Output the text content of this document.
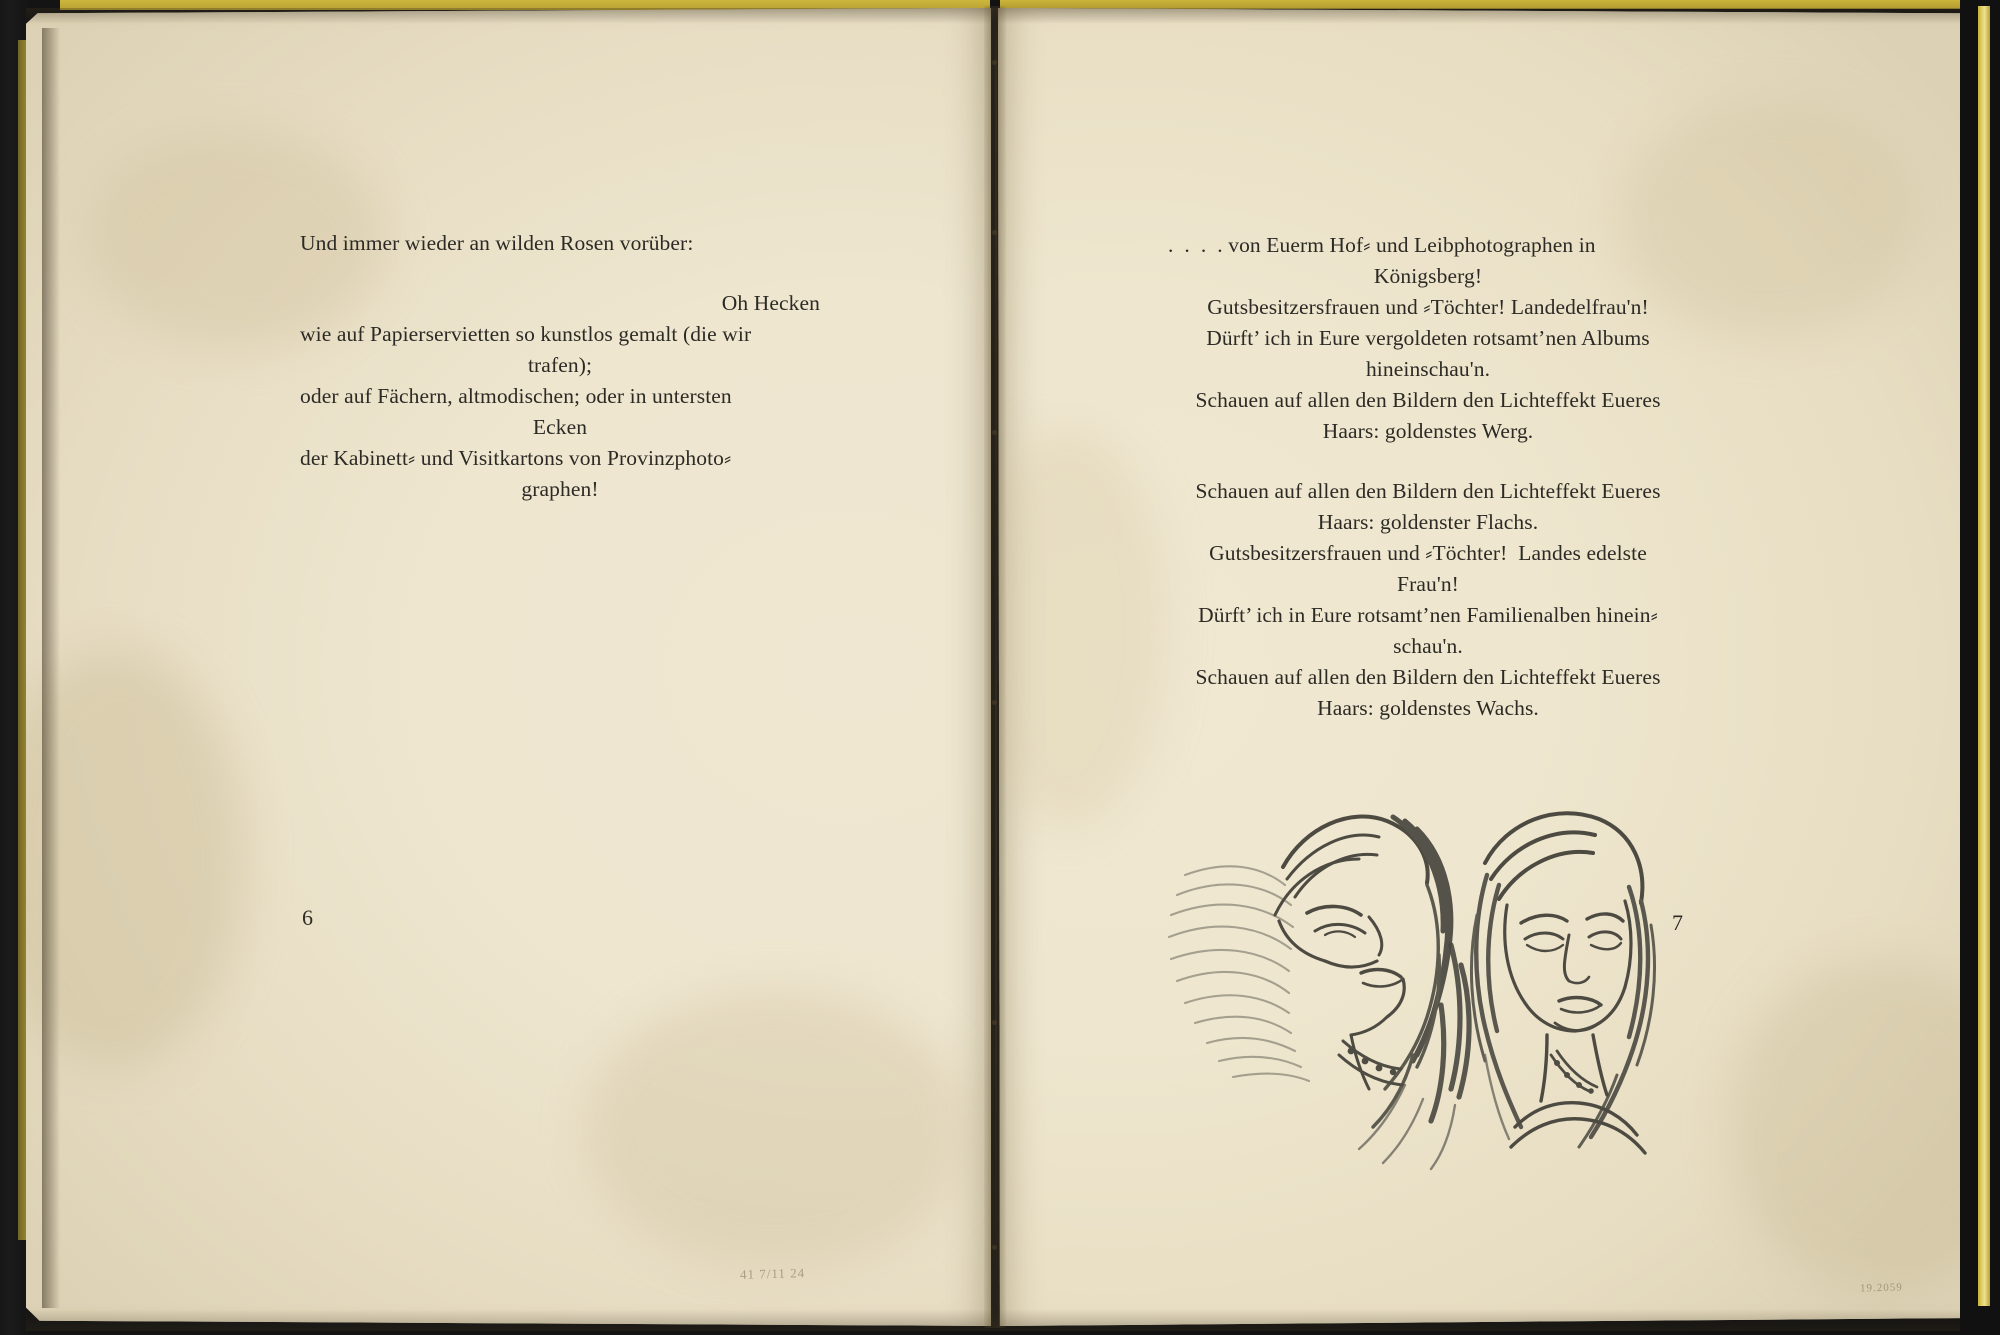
Und immer wieder an wilden Rosen vorüber:

Oh Hecken

wie auf Papierservietten so kunstlos gemalt (die wir

trafen);

oder auf Fächern, altmodischen; oder in untersten

Ecken

der Kabinett⸗ und Visitkartons von Provinzphoto⸗

graphen!

6

.  .  .  . von Euerm Hof⸗ und Leibphotographen in

Königsberg!

Gutsbesitzersfrauen und ⸗Töchter! Landedelfrau'n!

Dürft’ ich in Eure vergoldeten rotsamt’nen Albums

hineinschau'n.

Schauen auf allen den Bildern den Lichteffekt Eueres

Haars: goldenstes Werg.

Schauen auf allen den Bildern den Lichteffekt Eueres

Haars: goldenster Flachs.

Gutsbesitzersfrauen und ⸗Töchter!  Landes edelste

Frau'n!

Dürft’ ich in Eure rotsamt’nen Familienalben hinein⸗

schau'n.

Schauen auf allen den Bildern den Lichteffekt Eueres

Haars: goldenstes Wachs.

7
41 7/11 24
19.2059
